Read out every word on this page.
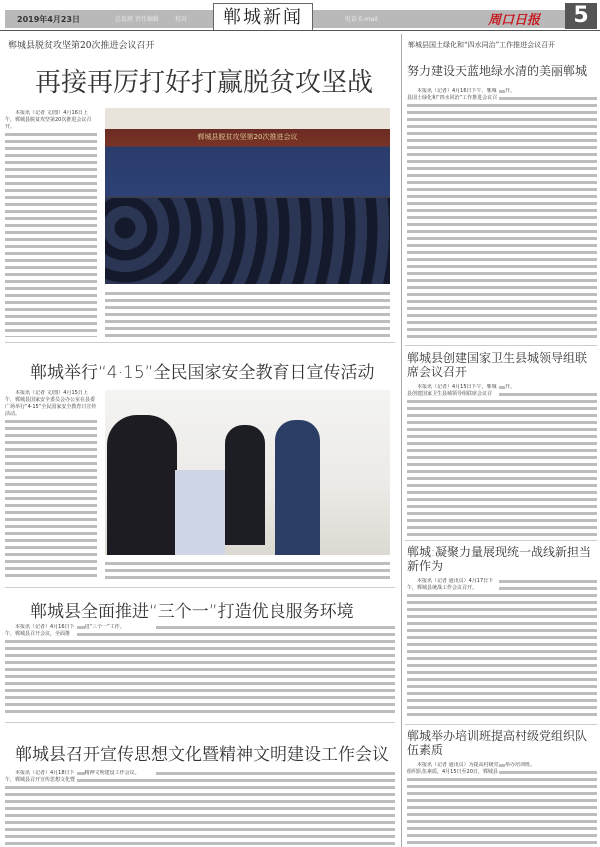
2019年4月23日	总值班 责任编辑	校对	电话 E-mail
郸城新闻	周口日报	5
郸城县脱贫攻坚第20次推进会议召开
再接再厉打好打赢脱贫攻坚战

本报讯（记者 文/图）4月16日上午，郸城县脱贫攻坚第20次推进会议召开。

郸城县脱贫攻坚第20次推进会议
郸城举行“4·15”全民国家安全教育日宣传活动

本报讯（记者 文/图）4月15日上午，郸城县国家安全委员会办公室在县委广场举行“4·15”全民国家安全教育日宣传活动。

郸城县全面推进“三个一”打造优良服务环境

本报讯（记者）4月16日下午，郸城县召开会议，全面推进“三个一”工作。

郸城县召开宣传思想文化暨精神文明建设工作会议

本报讯（记者）4月18日下午，郸城县召开宣传思想文化暨精神文明建设工作会议。

郸城县国土绿化和“四水同治”工作推进会议召开
努力建设天蓝地绿水清的美丽郸城

本报讯（记者）4月16日下午，郸城县国土绿化和“四水同治”工作推进会议召开。

郸城县创建国家卫生县城领导组联席会议召开

本报讯（记者）4月15日下午，郸城县创建国家卫生县城领导组联席会议召开。

郸城:凝聚力量展现统一战线新担当新作为

本报讯（记者 通讯员）4月17日下午，郸城县统战工作会议召开。

郸城举办培训班提高村级党组织队伍素质

本报讯（记者 通讯员）为提高村级党组织队伍素质，4月15日至20日，郸城县举办培训班。
